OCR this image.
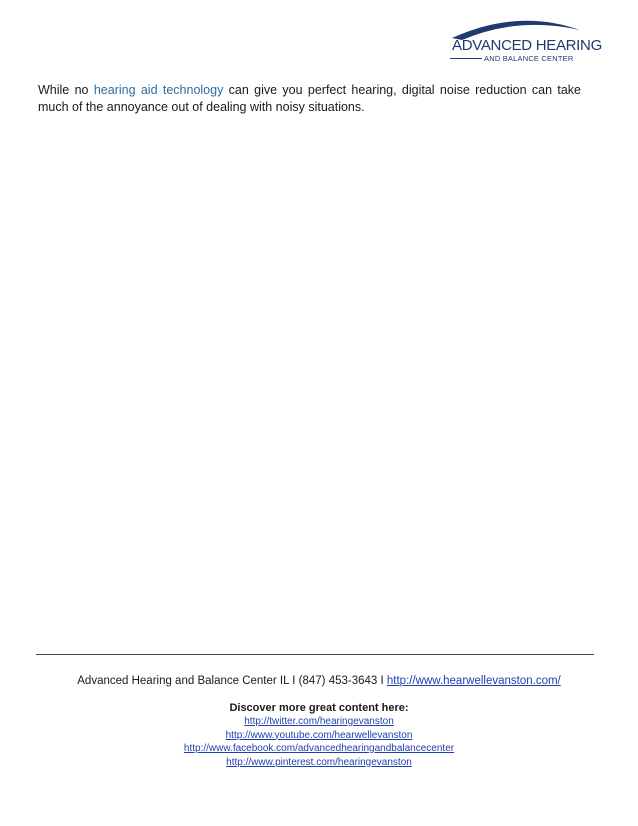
ADVANCED HEARING
AND BALANCE CENTER

While no hearing aid technology can give you perfect hearing, digital noise reduction can take much of the annoyance out of dealing with noisy situations.

Advanced Hearing and Balance Center IL I (847) 453-3643 I http://www.hearwellevanston.com/
Discover more great content here:
http://twitter.com/hearingevanston
http://www.youtube.com/hearwellevanston
http://www.facebook.com/advancedhearingandbalancecenter
http://www.pinterest.com/hearingevanston
